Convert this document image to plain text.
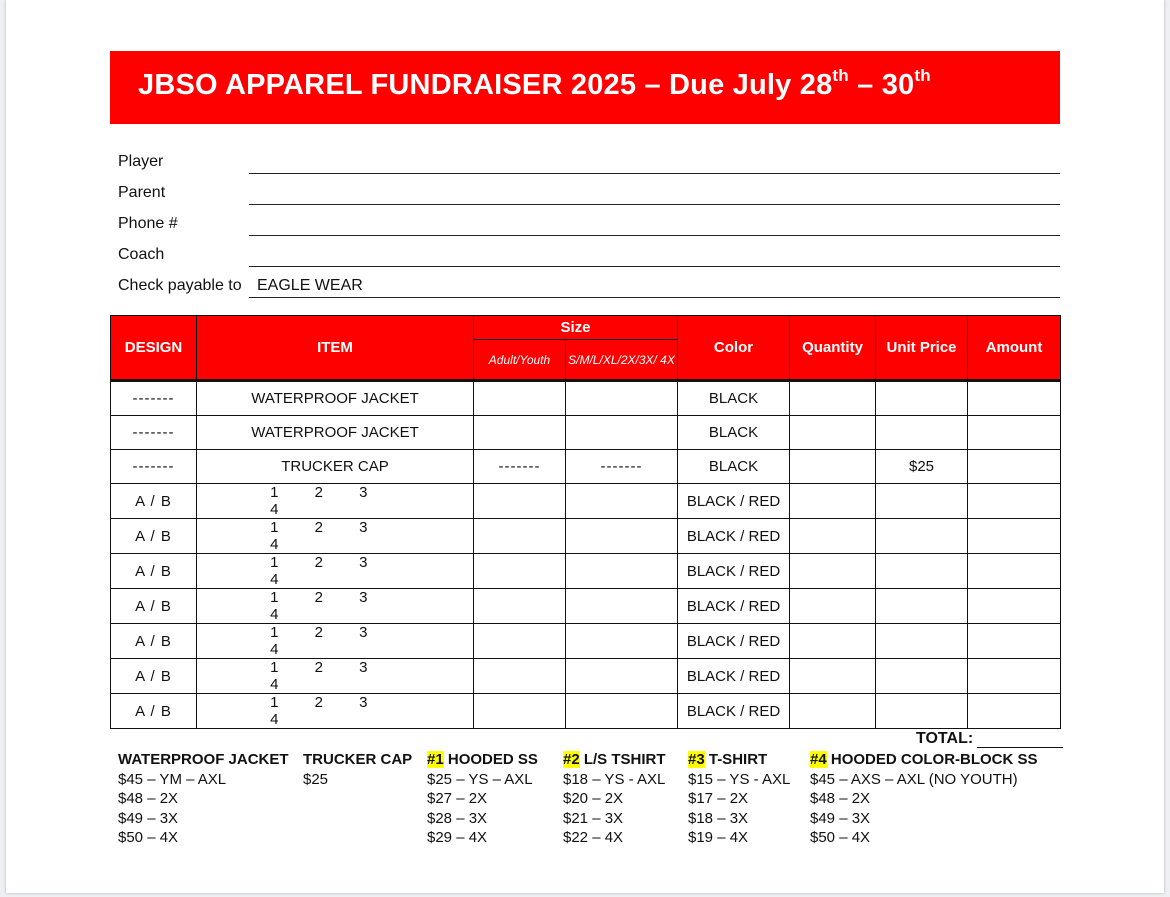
JBSO APPAREL FUNDRAISER 2025 – Due July 28th – 30th
Player
Parent
Phone #
Coach
Check payable to EAGLE WEAR
DESIGN	ITEM	Size		Color	Quantity	Unit Price	Amount
		Adult/Youth	S/M/L/XL/2X/3X/ 4X				
-------	WATERPROOF JACKET			BLACK			
-------	WATERPROOF JACKET			BLACK			
-------	TRUCKER CAP	-------	-------	BLACK		$25	
A / B	1 2 34			BLACK / RED			
A / B	1 2 34			BLACK / RED			
A / B	1 2 34			BLACK / RED			
A / B	1 2 34			BLACK / RED			
A / B	1 2 34			BLACK / RED			
A / B	1 2 34			BLACK / RED			
A / B	1 2 34			BLACK / RED			
TOTAL:
WATERPROOF JACKET
$45 – YM – AXL
$48 – 2X
$49 – 3X
$50 – 4X
TRUCKER CAP
$25
#1 HOODED SS
$25 – YS – AXL
$27 – 2X
$28 – 3X
$29 – 4X
#2 L/S TSHIRT
$18 – YS - AXL
$20 – 2X
$21 – 3X
$22 – 4X
#3 T-SHIRT
$15 – YS - AXL
$17 – 2X
$18 – 3X
$19 – 4X
#4 HOODED COLOR-BLOCK SS
$45 – AXS – AXL (NO YOUTH)
$48 – 2X
$49 – 3X
$50 – 4X
